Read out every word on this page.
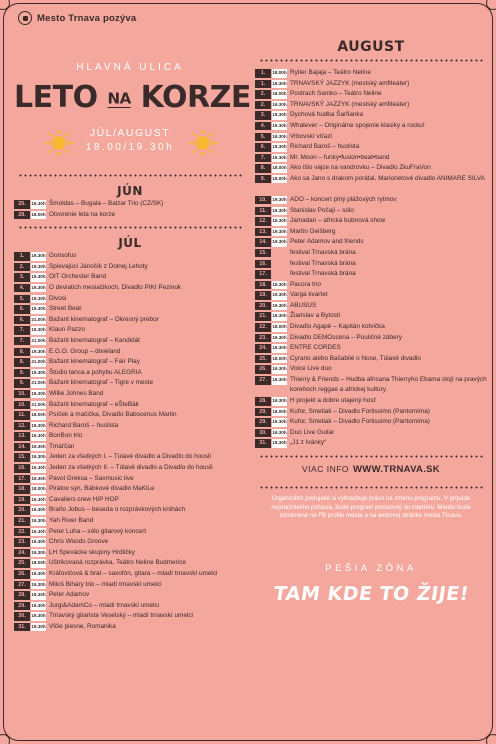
Mesto Trnava pozýva
HLAVNÁ ULICA
LETO NA KORZE
JÚL/AUGUST
18.00/19.30h
JÚN
25.	19.30h Šmoldas – Bugala – Balzar Trio (CZ/SK)
28.	18.00h Otvorenie leta na korze
JÚL
1.	19.30h Gonsofus
2.	19.30h Spievajúci Jánošík z Dolnej Lehoty
3.	19.30h OIT Orchester Band
4.	19.30h O deviatich mesiačikoch, Divadlo PIKI Pezinok
5.	19.30h Divosi
6.	19.30h Street Beat
6.	21.00h Bažant kinematograf – Okresný prebor
7.	19.30h Klaun Pazzo
7.	21.00h Bažant kinematograf – Kandidát
8.	19.30h E.G.O. Group – dixieland
8.	21.00h Bažant kinematograf – Fair Play
9.	19.30h Štúdio tanca a pohybu ALEGRIA
9.	21.00h Bažant kinematograf – Tigre v meste
10.	19.30h Willie Johnes Band
10.	21.00h Bažant kinematograf – eŠteBák
11.	18.00h Psíček a mačička, Divadlo Babscenus Martin
12.	19.30h Richard Baroš – huslista
13.	19.30h BonBon trio
14.	19.30h Tmaťčan
15.	19.30h Jeden za všetkých I. – Túlavé divadlo a Divadlo do housli
16.	19.30h Jeden za všetkých II. – Túlavé divadlo a Divadlo do housli
17.	19.30h Pavol Greksa – Saxmusic live
18.	18.00h Pirátov syn, Bábkové divadlo MaKiLe
19.	19.30h Cavaliers crew HIP HOP
20.	19.30h Braňo Jobus – beseda o rozprávkových knihách
21.	19.30h Yah River Band
22.	19.30h Peter Luha – sólo gitarový koncert
23.	19.30h Chris Woods Groove
24.	19.30h LH Spevácke skupiny Hrdličky
25.	18.00h Uštrikovaná rozprávka, Teátro Neline Budmerice
26.	19.30h Kráľovičová & brat – saxofón, gitara – mladí trnavskí umelci
27.	19.30h Miloš Biháry trio – mladí trnavskí umelci
28.	19.30h Peter Adamov
29.	19.30h Jurgi&AdamCo – mladí trnavskí umelci
30.	19.30h Trnavský gitarista Veselský – mladí trnavskí umelci
31.	19.30h Vlčie piesne, Romanika
AUGUST
1.	18.00h Rytier Bajaja – Teátro Neline
1.	19.30h TRNAVSKÝ JAZZYK (mestský amfiteáter)
2.	18.00h Postrach Samko – Teátro Neline
2.	19.30h TRNAVSKÝ JAZZYK (mestský amfiteáter)
3.	19.30h Dychová hudba Šarfianka
4.	19.30h Whatever – Originálne spojenie klasiky a rocku!
5.	19.30h Vrbovskí víťazi
6.	19.30h Richard Baroš – huslista
7.	19.30h Mr. Moon – funky•fusion•beat•band
8.	18.00h Ako išlo vajce na vandrovku – Divadlo ZkuFraVon
9.	18.00h Ako sa Jano s drakom porátal, Marionetové divadlo ANIMARE SILVA
10.	19.30h ADO – koncert plný plážových rytmov
11.	19.30h Stanislav Počaji – sólo
12.	19.30h Jamadan – africká bubnová show
13.	19.30h Martin Geišberg
14.	19.30h Peter Adamov and friends
15.	festival Trnavská brána
16.	festival Trnavská brána
17.	festival Trnavská brána
18.	19.30h Pacora trio
19.	19.30h Varga kvartet
20.	19.30h ABUSUS
21.	19.30h Žiarislav a Bytosti
22.	18.00h Divadlo Agapé – Kapitán kotvička
23.	19.30h Divadlo DEMOscéna – Pouličné zábery
24.	19.30h ENTRE CORDES
25.	18.00h Cyrano alebo Bašabilé o Nose, Túlavé divadlo
26.	19.30h Voice Live duo
27.	19.30h Thierry & Friends – Hudba africana Thierryho Ebama stojí na pravých koreňoch reggae a africkej kultúry.
28.	19.30h H projekt a dobre utajený host'
29.	18.00h Kufor, Smetiak – Divadlo Fortissimo (Pantomíma)
29.	19.30h Kufor, Smetiak – Divadlo Fortissimo (Pantomíma)
30.	19.30h Duo Live Guitar
31.	19.30h „J1 z Ivánky“
VIAC INFO WWW.TRNAVA.SK
Organizátor podujatie si vyhradzuje právo na zmenu programu. V prípade nepriaznivého počasia, bude program presunutý do interiéru. Miesto bude oznámené na FB profile mesta a na webovej stránke mesta Trnava.
PEŠIA ZÓNA
TAM KDE TO ŽIJE!
